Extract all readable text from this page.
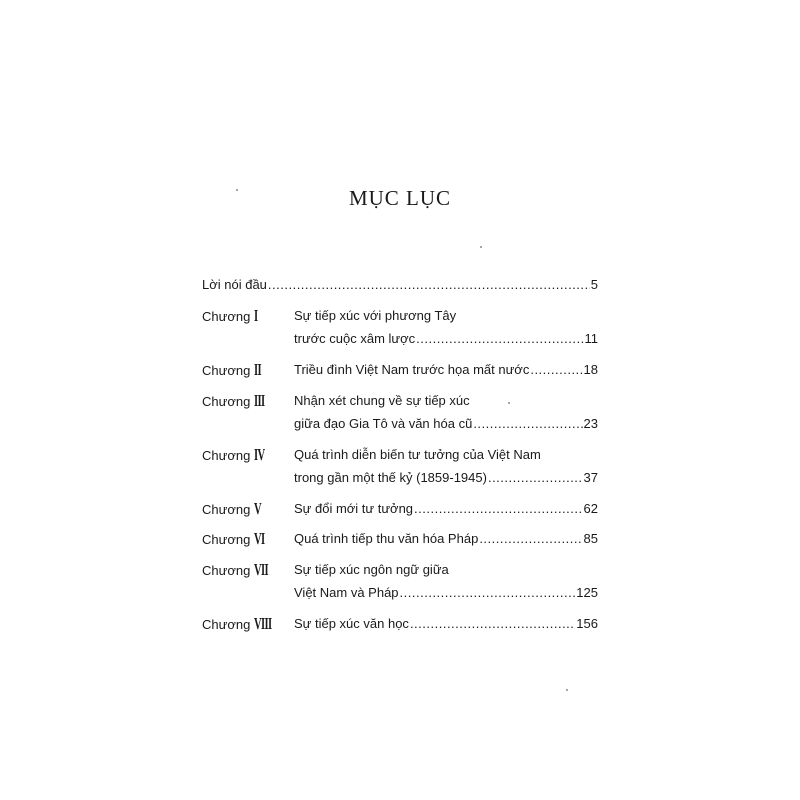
MỤC LỤC
Lời nói đầu .....	5
Chương I	Sự tiếp xúc với phương Tây
trước cuộc xâm lược .....	11
Chương II	Triều đình Việt Nam trước họa mất nước .....	18
Chương III Nhận xét chung về sự tiếp xúc
giữa đạo Gia Tô và văn hóa cũ .....	23
Chương IV Quá trình diễn biến tư tưởng của Việt Nam
trong gần một thế kỷ (1859-1945) .....	37
Chương V	Sự đổi mới tư tưởng .....	62
Chương VI Quá trình tiếp thu văn hóa Pháp .....	85
Chương VII Sự tiếp xúc ngôn ngữ giữa
Việt Nam và Pháp .....	125
Chương VIII Sự tiếp xúc văn học .....	156
